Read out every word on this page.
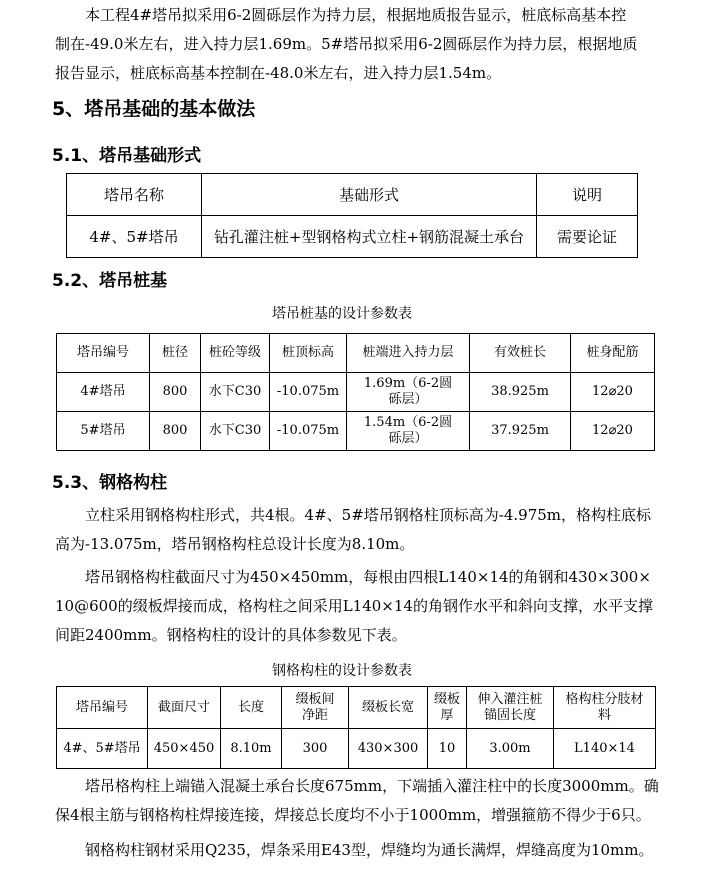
本工程4#塔吊拟采用6-2圆砾层作为持力层，根据地质报告显示，桩底标高基本控
制在-49.0米左右，进入持力层1.69m。5#塔吊拟采用6-2圆砾层作为持力层，根据地质
报告显示，桩底标高基本控制在-48.0米左右，进入持力层1.54m。

5、塔吊基础的基本做法
5.1、塔吊基础形式
塔吊名称	基础形式	说明
4#、5#塔吊	钻孔灌注桩+型钢格构式立柱+钢筋混凝土承台	需要论证
5.2、塔吊桩基

塔吊桩基的设计参数表

塔吊编号	桩径	桩砼等级	桩顶标高	桩端进入持力层	有效桩长	桩身配筋
4#塔吊	800	水下C30	-10.075m	1.69m（6-2圆砾层）	38.925m	12⌀20
5#塔吊	800	水下C30	-10.075m	1.54m（6-2圆砾层）	37.925m	12⌀20
5.3、钢格构柱

立柱采用钢格构柱形式，共4根。4#、5#塔吊钢格柱顶标高为-4.975m，格构柱底标
高为-13.075m，塔吊钢格构柱总设计长度为8.10m。

塔吊钢格构柱截面尺寸为450×450mm，每根由四根L140×14的角钢和430×300×
10@600的缀板焊接而成，格构柱之间采用L140×14的角钢作水平和斜向支撑，水平支撑
间距2400mm。钢格构柱的设计的具体参数见下表。

钢格构柱的设计参数表

塔吊编号	截面尺寸	长度	缀板间净距	缀板长宽	缀板厚	伸入灌注桩锚固长度	格构柱分肢材料
4#、5#塔吊	450×450	8.10m	300	430×300	10	3.00m	L140×14

塔吊格构柱上端锚入混凝土承台长度675mm，下端插入灌注柱中的长度3000mm。确
保4根主筋与钢格构柱焊接连接，焊接总长度均不小于1000mm，增强箍筋不得少于6只。

钢格构柱钢材采用Q235，焊条采用E43型，焊缝均为通长满焊，焊缝高度为10mm。
